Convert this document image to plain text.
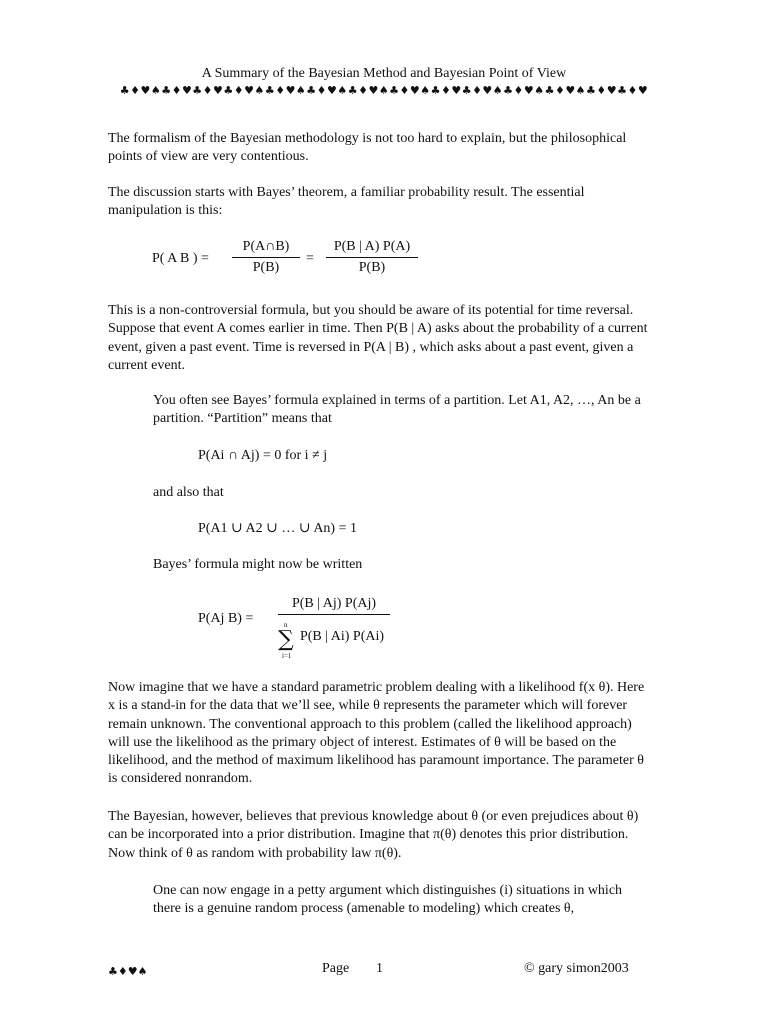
A Summary of the Bayesian Method and Bayesian Point of View
♣♦♥♠♣♦♥♣♦♥♣♦♥♠♣♦♥♠♣♦♥♠♣♦♥♠♣♦♥♠♣♦♥♣♦♥♠♣♦♥♠♣♦♥♠♣♦♥♣♦♥

The formalism of the Bayesian methodology is not too hard to explain, but the philosophical points of view are very contentious.

The discussion starts with Bayes’ theorem, a familiar probability result. The essential manipulation is this:

P( A B ) = $\frac{P(A\cap B)}{P(B)} = \frac{P(B | A) P(A)}{P(B)}$

This is a non-controversial formula, but you should be aware of its potential for time reversal. Suppose that event A comes earlier in time. Then P(B | A) asks about the probability of a current event, given a past event. Time is reversed in P(A | B) , which asks about a past event, given a current event.

You often see Bayes’ formula explained in terms of a partition. Let A1, A2, …, An be a partition. “Partition” means that

P(Ai ∩ Aj) = 0 for i ≠ j

and also that

P(A1 ∪ A2 ∪ … ∪ An) = 1

Bayes’ formula might now be written

P(Aj $B) = \frac{P(B | Aj) P(Aj)}{P(B | Ai) P(Ai)}$
n
∑
i=1

Now imagine that we have a standard parametric problem dealing with a likelihood f(x θ). Here x is a stand-in for the data that we’ll see, while θ represents the parameter which will forever remain unknown. The conventional approach to this problem (called the likelihood approach) will use the likelihood as the primary object of interest. Estimates of θ will be based on the likelihood, and the method of maximum likelihood has paramount importance. The parameter θ is considered nonrandom.

The Bayesian, however, believes that previous knowledge about θ (or even prejudices about θ) can be incorporated into a prior distribution. Imagine that π(θ) denotes this prior distribution. Now think of θ as random with probability law π(θ).

One can now engage in a petty argument which distinguishes (i) situations in which there is a genuine random process (amenable to modeling) which creates θ,

♣♦♥♠	Page 1	© gary simon2003
